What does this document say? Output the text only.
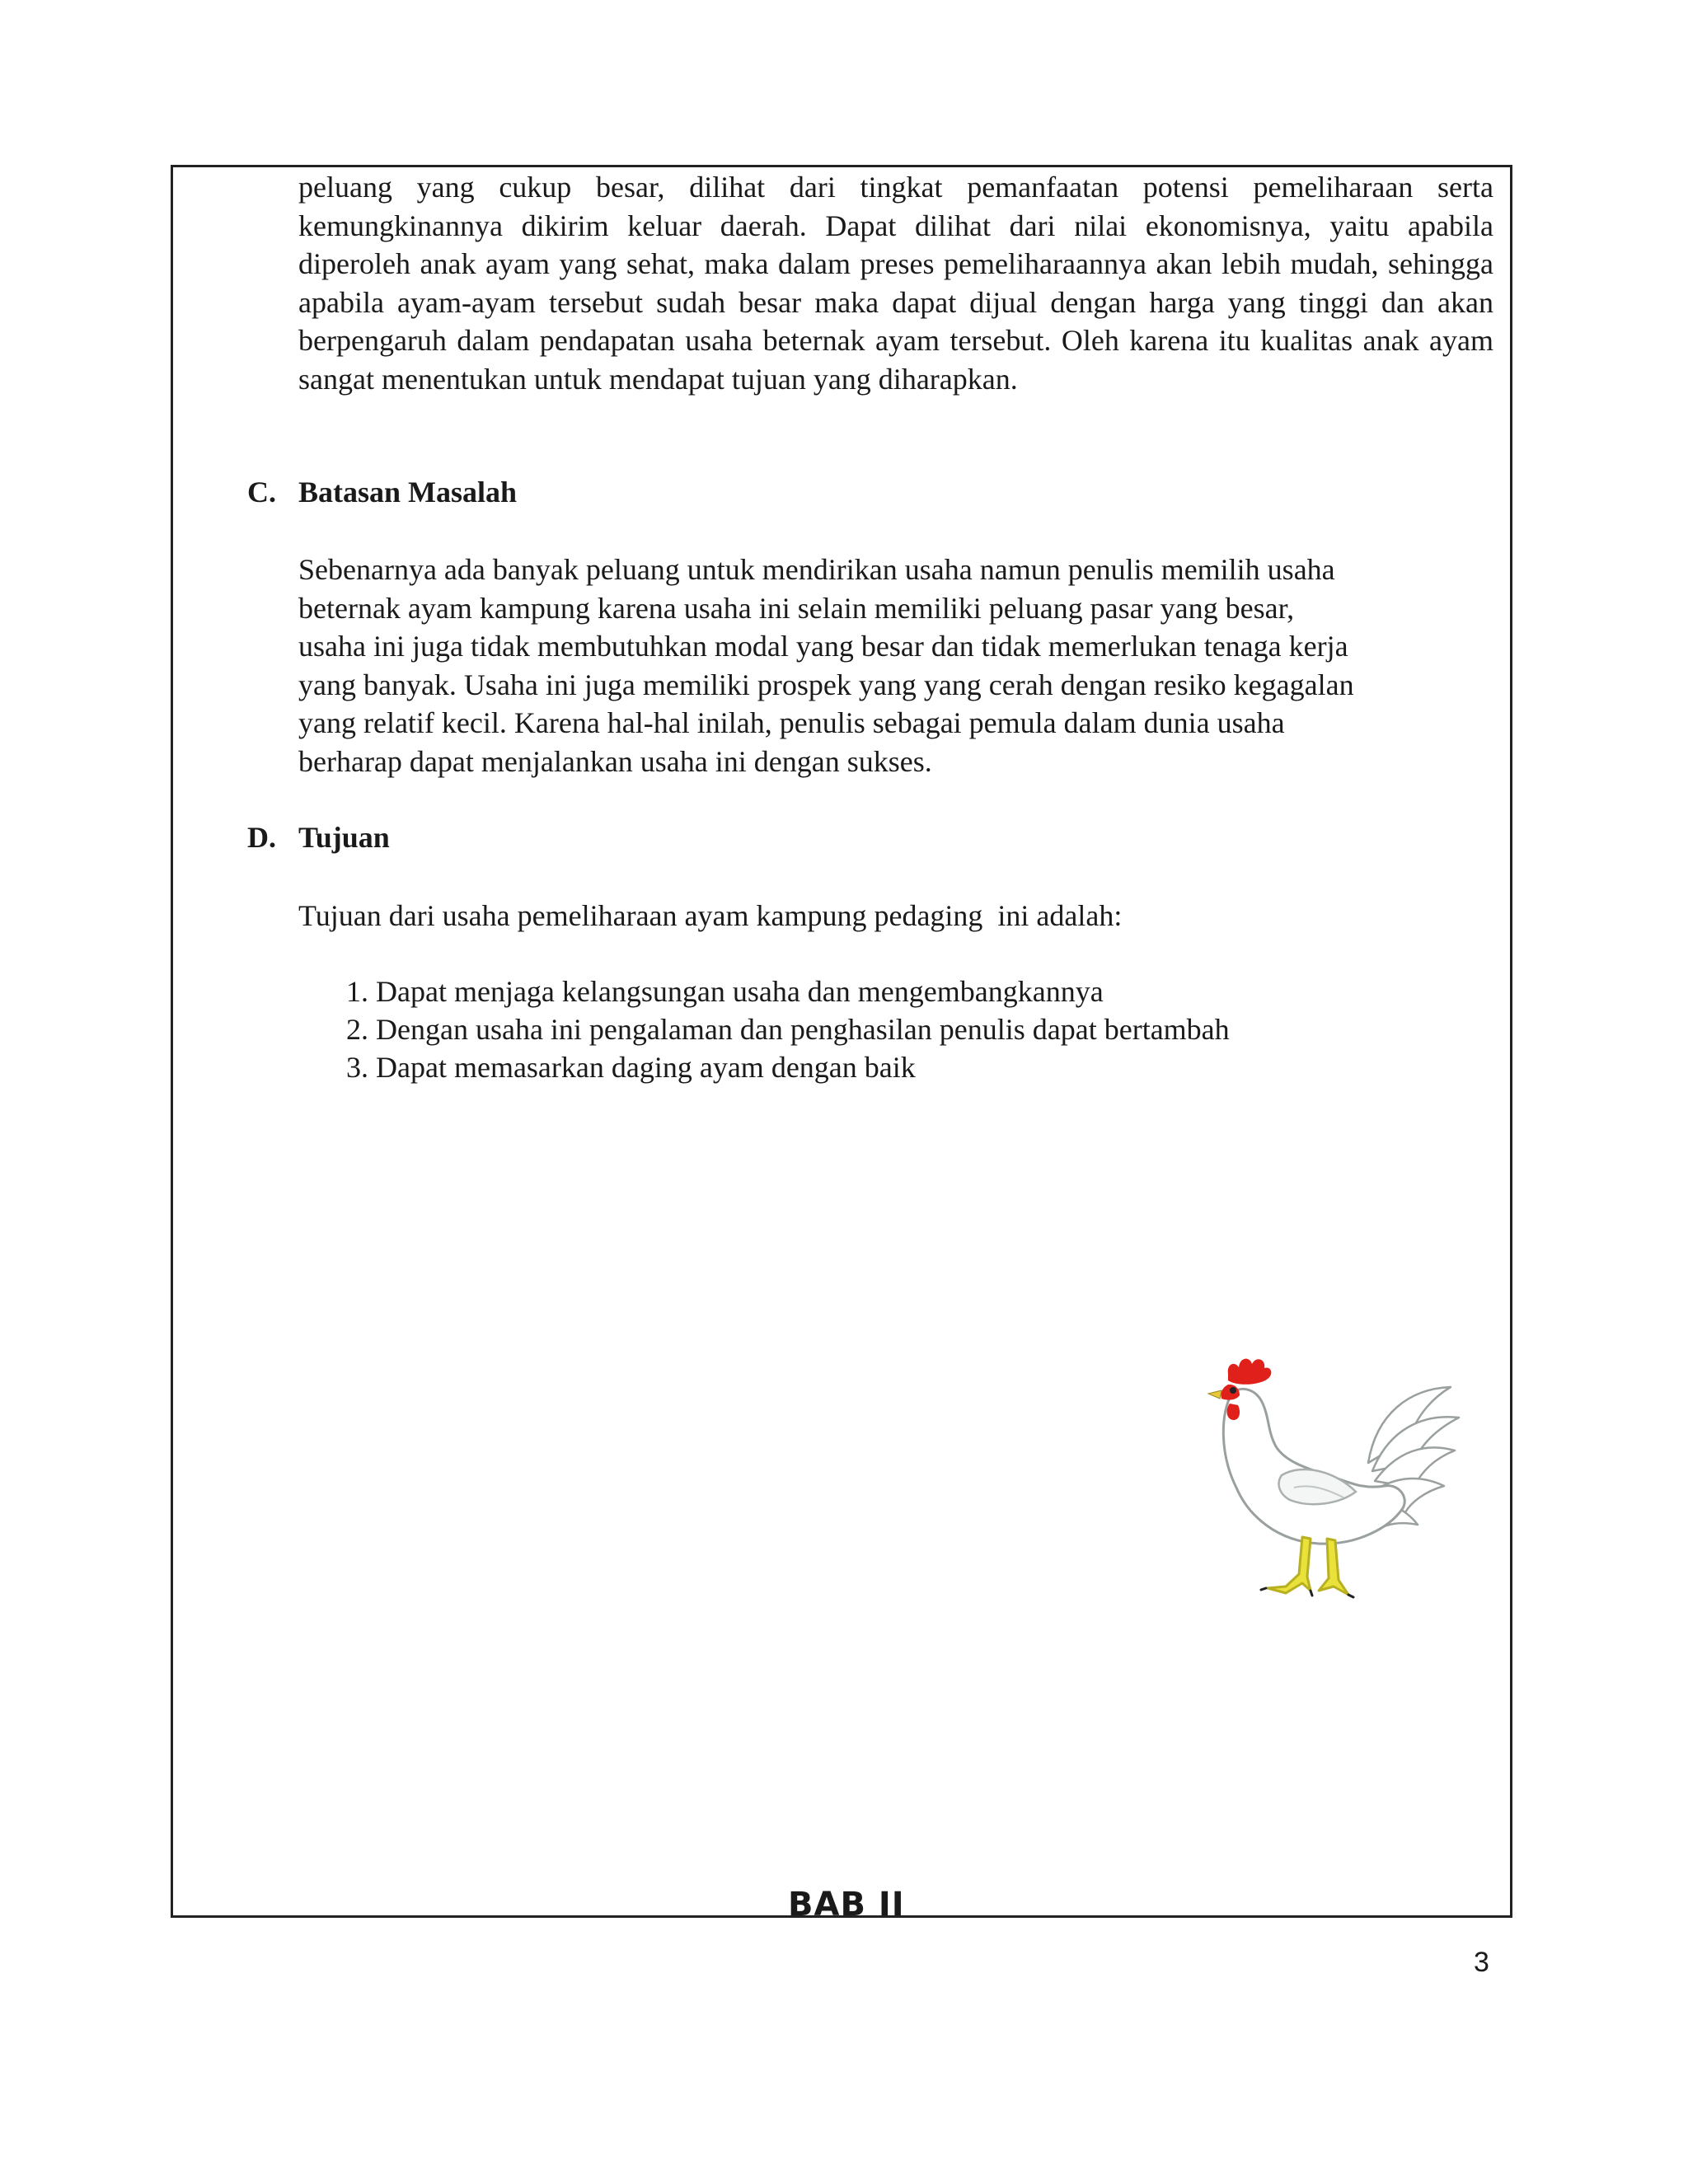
peluang yang cukup besar, dilihat dari tingkat pemanfaatan potensi pemeliharaan serta kemungkinannya dikirim keluar daerah. Dapat dilihat dari nilai ekonomisnya, yaitu apabila diperoleh anak ayam yang sehat, maka dalam preses pemeliharaannya akan lebih mudah, sehingga apabila ayam-ayam tersebut sudah besar maka dapat dijual dengan harga yang tinggi dan akan berpengaruh dalam pendapatan usaha beternak ayam tersebut. Oleh karena itu kualitas anak ayam sangat menentukan untuk mendapat tujuan yang diharapkan.

C. Batasan Masalah
Sebenarnya ada banyak peluang untuk mendirikan usaha namun penulis memilih usaha
beternak ayam kampung karena usaha ini selain memiliki peluang pasar yang besar,
usaha ini juga tidak membutuhkan modal yang besar dan tidak memerlukan tenaga kerja
yang banyak. Usaha ini juga memiliki prospek yang yang cerah dengan resiko kegagalan
yang relatif kecil. Karena hal-hal inilah, penulis sebagai pemula dalam dunia usaha
berharap dapat menjalankan usaha ini dengan sukses.
D. Tujuan

Tujuan dari usaha pemeliharaan ayam kampung pedaging  ini adalah:

1. Dapat menjaga kelangsungan usaha dan mengembangkannya
2. Dengan usaha ini pengalaman dan penghasilan penulis dapat bertambah
3. Dapat memasarkan daging ayam dengan baik
BAB II
3
